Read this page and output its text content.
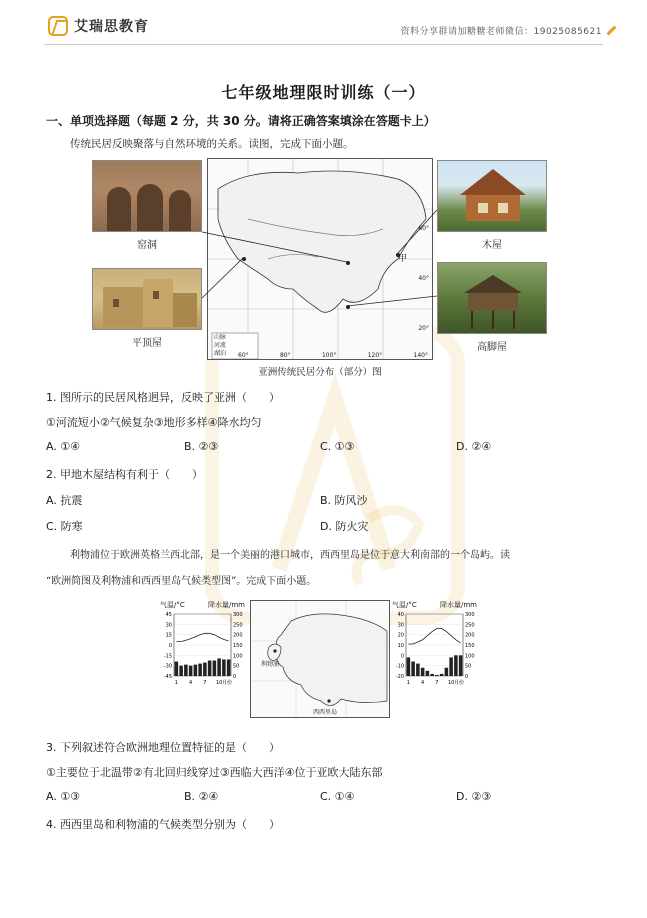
艾瑞思教育	资料分享群请加糖糖老师微信：19025085621
七年级地理限时训练（一）
一、单项选择题（每题 2 分，共 30 分。请将正确答案填涂在答题卡上）
传统民居反映聚落与自然环境的关系。读图，完成下面小题。
窑洞	木屋
平顶屋	高脚屋
甲
山脉
河流
湖泊 60°	80°	100°	120°	140°
60°
40°
20°
亚洲传统民居分布（部分）图
1. 图所示的民居风格迥异，反映了亚洲（　　）
①河流短小②气候复杂③地形多样④降水均匀
A. ①④	B. ②③	C. ①③	D. ②④
2. 甲地木屋结构有利于（　　）
A. 抗震	B. 防风沙
C. 防寒	D. 防火灾
利物浦位于欧洲英格兰西北部，是一个美丽的港口城市，西西里岛是位于意大利南部的一个岛屿。读
“欧洲简图及利物浦和西西里岛气候类型图”。完成下面小题。
气温/°C	降水量/mm
45
30
15
0
-15
-30
-45
300
250
200
150
100
50
0
1 4 7 10 月份
利物浦
西西里岛
气温/°C	降水量/mm
40
30
20
10
0
-10
-20
300
250
200
150
100
50
0
1 4 7 10 月份
3. 下列叙述符合欧洲地理位置特征的是（　　）
①主要位于北温带②有北回归线穿过③西临大西洋④位于亚欧大陆东部
A. ①③	B. ②④	C. ①④	D. ②③
4. 西西里岛和利物浦的气候类型分别为（　　）
